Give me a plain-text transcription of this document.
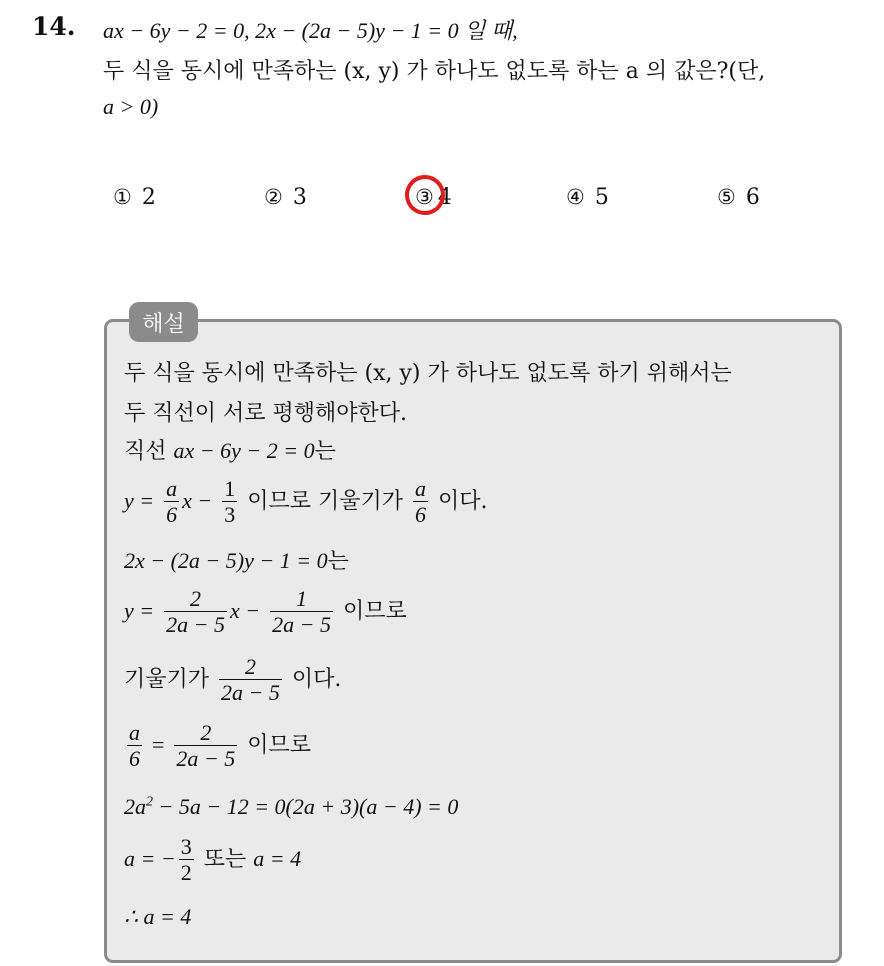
14. ax − 6y − 2 = 0, 2x − (2a − 5)y − 1 = 0 일 때,
두 식을 동시에 만족하는 (x, y) 가 하나도 없도록 하는 a 의 값은?(단,
a > 0)
① 2	② 3	③ 4	④ 5	⑤ 6
해설
두 식을 동시에 만족하는 (x, y) 가 하나도 없도록 하기 위해서는
두 직선이 서로 평행해야한다.
직선 ax − 6y − 2 = 0는
$y = \frac{a}{6}$ $x - \frac{1}{3}$ 이므로 기울기가 $\frac{a}{6}$ 이다.
2x − (2a − 5)y − 1 = 0는
$y = \frac{2}{2a - 5}$ $x - \frac{1}{2a - 5}$ 이므로
기울기가 $\frac{2}{2a - 5}$ 이다.
$\frac{a}{6} = \frac{2}{2a - 5}$ 이므로
$2a^2 - 5a - 12 = 0(2a + 3)(a - 4) = 0$
a = − $\frac{3}{2}$ 또는 a = 4
∴ a = 4
